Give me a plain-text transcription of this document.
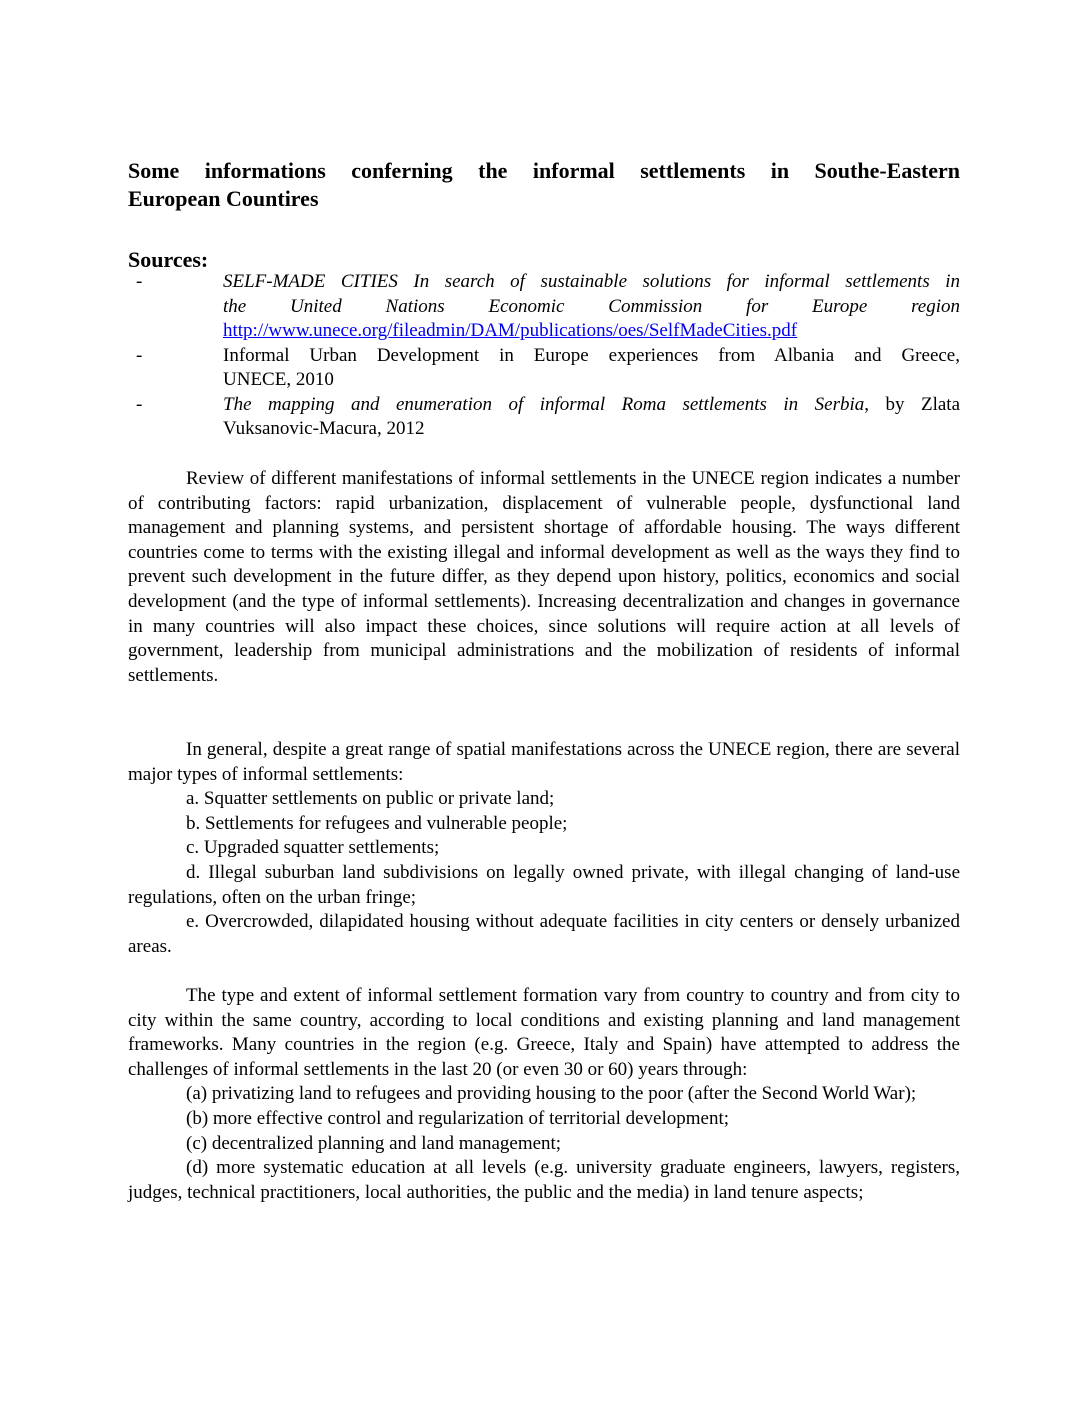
Some informations conferning the informal settlements in Southe-Eastern
European Countires
Sources:
-	SELF-MADE CITIES In search of sustainable solutions for informal settlements in
the United Nations Economic Commission for Europe region
http://www.unece.org/fileadmin/DAM/publications/oes/SelfMadeCities.pdf
-	Informal Urban Development in Europe experiences from Albania and Greece,
UNECE, 2010
-	The mapping and enumeration of informal Roma settlements in Serbia, by Zlata
Vuksanovic-Macura, 2012

Review of different manifestations of informal settlements in the UNECE region indicates a number of contributing factors: rapid urbanization, displacement of vulnerable people, dysfunctional land management and planning systems, and persistent shortage of affordable housing. The ways different countries come to terms with the existing illegal and informal development as well as the ways they find to prevent such development in the future differ, as they depend upon history, politics, economics and social development (and the type of informal settlements). Increasing decentralization and changes in governance in many countries will also impact these choices, since solutions will require action at all levels of government, leadership from municipal administrations and the mobilization of residents of informal settlements.

In general, despite a great range of spatial manifestations across the UNECE region, there are several major types of informal settlements:
a. Squatter settlements on public or private land;
b. Settlements for refugees and vulnerable people;
c. Upgraded squatter settlements;
d. Illegal suburban land subdivisions on legally owned private, with illegal changing of land-use regulations, often on the urban fringe;
e. Overcrowded, dilapidated housing without adequate facilities in city centers or densely urbanized areas.
The type and extent of informal settlement formation vary from country to country and from city to city within the same country, according to local conditions and existing planning and land management frameworks. Many countries in the region (e.g. Greece, Italy and Spain) have attempted to address the challenges of informal settlements in the last 20 (or even 30 or 60) years through:
(a) privatizing land to refugees and providing housing to the poor (after the Second World War);
(b) more effective control and regularization of territorial development;
(c) decentralized planning and land management;
(d) more systematic education at all levels (e.g. university graduate engineers, lawyers, registers, judges, technical practitioners, local authorities, the public and the media) in land tenure aspects;
